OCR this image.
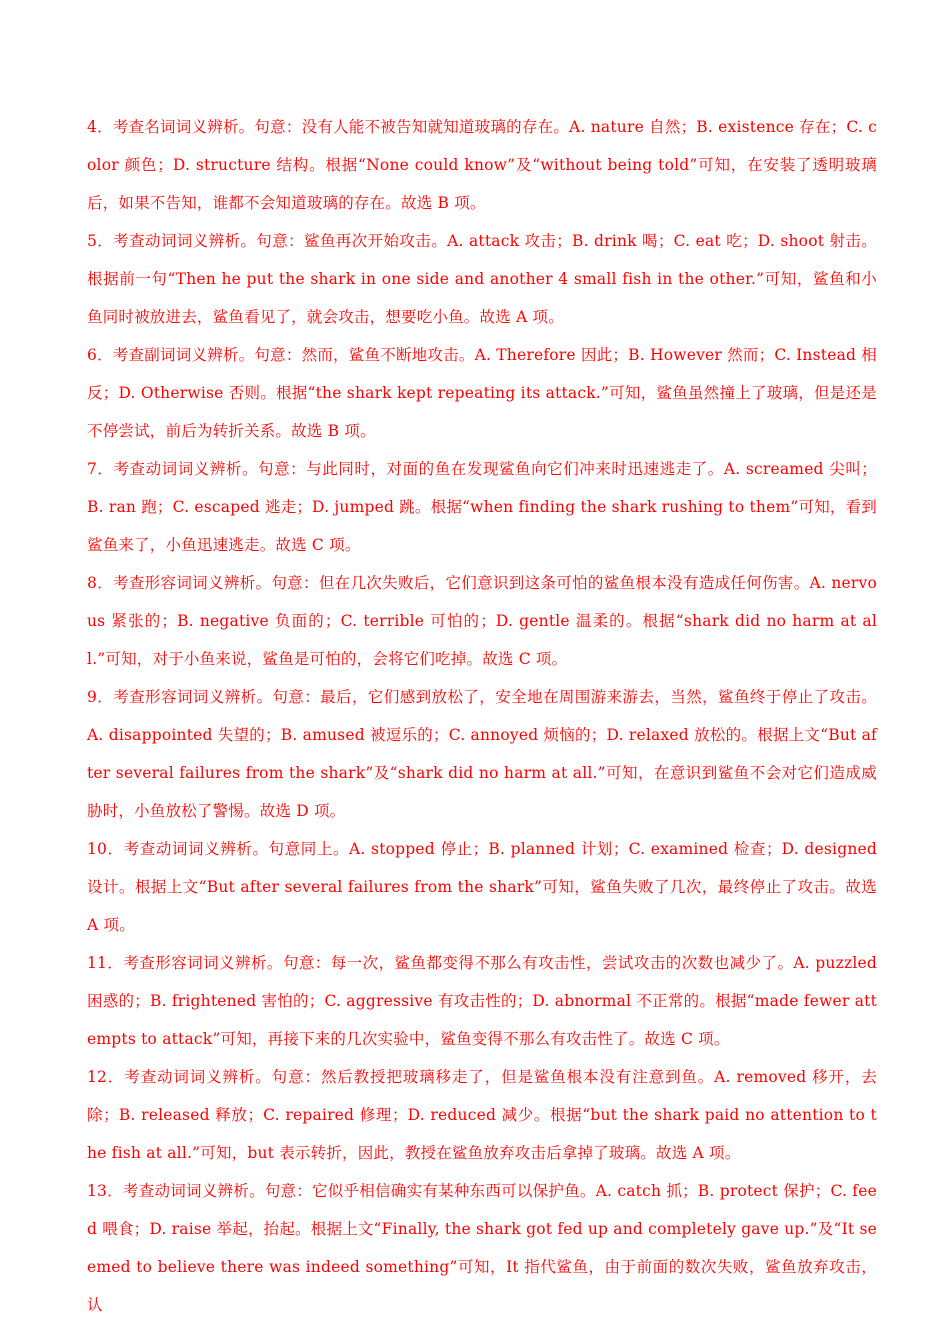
4．考查名词词义辨析。句意：没有人能不被告知就知道玻璃的存在。A. nature 自然；B. existence 存在；C. color 颜色；D. structure 结构。根据“None could know”及“without being told”可知，在安装了透明玻璃后，如果不告知，谁都不会知道玻璃的存在。故选 B 项。

5．考查动词词义辨析。句意：鲨鱼再次开始攻击。A. attack 攻击；B. drink 喝；C. eat 吃；D. shoot 射击。根据前一句“Then he put the shark in one side and another 4 small fish in the other.”可知，鲨鱼和小鱼同时被放进去，鲨鱼看见了，就会攻击，想要吃小鱼。故选 A 项。

6．考查副词词义辨析。句意：然而，鲨鱼不断地攻击。A. Therefore 因此；B. However 然而；C. Instead 相反；D. Otherwise 否则。根据“the shark kept repeating its attack.”可知，鲨鱼虽然撞上了玻璃，但是还是不停尝试，前后为转折关系。故选 B 项。

7．考查动词词义辨析。句意：与此同时，对面的鱼在发现鲨鱼向它们冲来时迅速逃走了。A. screamed 尖叫；B. ran 跑；C. escaped 逃走；D. jumped 跳。根据“when finding the shark rushing to them”可知，看到鲨鱼来了，小鱼迅速逃走。故选 C 项。

8．考查形容词词义辨析。句意：但在几次失败后，它们意识到这条可怕的鲨鱼根本没有造成任何伤害。A. nervous 紧张的；B. negative 负面的；C. terrible 可怕的；D. gentle 温柔的。根据“shark did no harm at all.”可知，对于小鱼来说，鲨鱼是可怕的，会将它们吃掉。故选 C 项。

9．考查形容词词义辨析。句意：最后，它们感到放松了，安全地在周围游来游去，当然，鲨鱼终于停止了攻击。A. disappointed 失望的；B. amused 被逗乐的；C. annoyed 烦恼的；D. relaxed 放松的。根据上文“But after several failures from the shark”及“shark did no harm at all.”可知，在意识到鲨鱼不会对它们造成威胁时，小鱼放松了警惕。故选 D 项。

10．考查动词词义辨析。句意同上。A. stopped 停止；B. planned 计划；C. examined 检查；D. designed 设计。根据上文“But after several failures from the shark”可知，鲨鱼失败了几次，最终停止了攻击。故选 A 项。

11．考查形容词词义辨析。句意：每一次，鲨鱼都变得不那么有攻击性，尝试攻击的次数也减少了。A. puzzled 困惑的；B. frightened 害怕的；C. aggressive 有攻击性的；D. abnormal 不正常的。根据“made fewer attempts to attack”可知，再接下来的几次实验中，鲨鱼变得不那么有攻击性了。故选 C 项。

12．考查动词词义辨析。句意：然后教授把玻璃移走了，但是鲨鱼根本没有注意到鱼。A. removed 移开，去除；B. released 释放；C. repaired 修理；D. reduced 减少。根据“but the shark paid no attention to the fish at all.”可知，but 表示转折，因此，教授在鲨鱼放弃攻击后拿掉了玻璃。故选 A 项。

13．考查动词词义辨析。句意：它似乎相信确实有某种东西可以保护鱼。A. catch 抓；B. protect 保护；C. feed 喂食；D. raise 举起，抬起。根据上文“Finally, the shark got fed up and completely gave up.”及“It seemed to believe there was indeed something”可知，It 指代鲨鱼，由于前面的数次失败，鲨鱼放弃攻击，认
